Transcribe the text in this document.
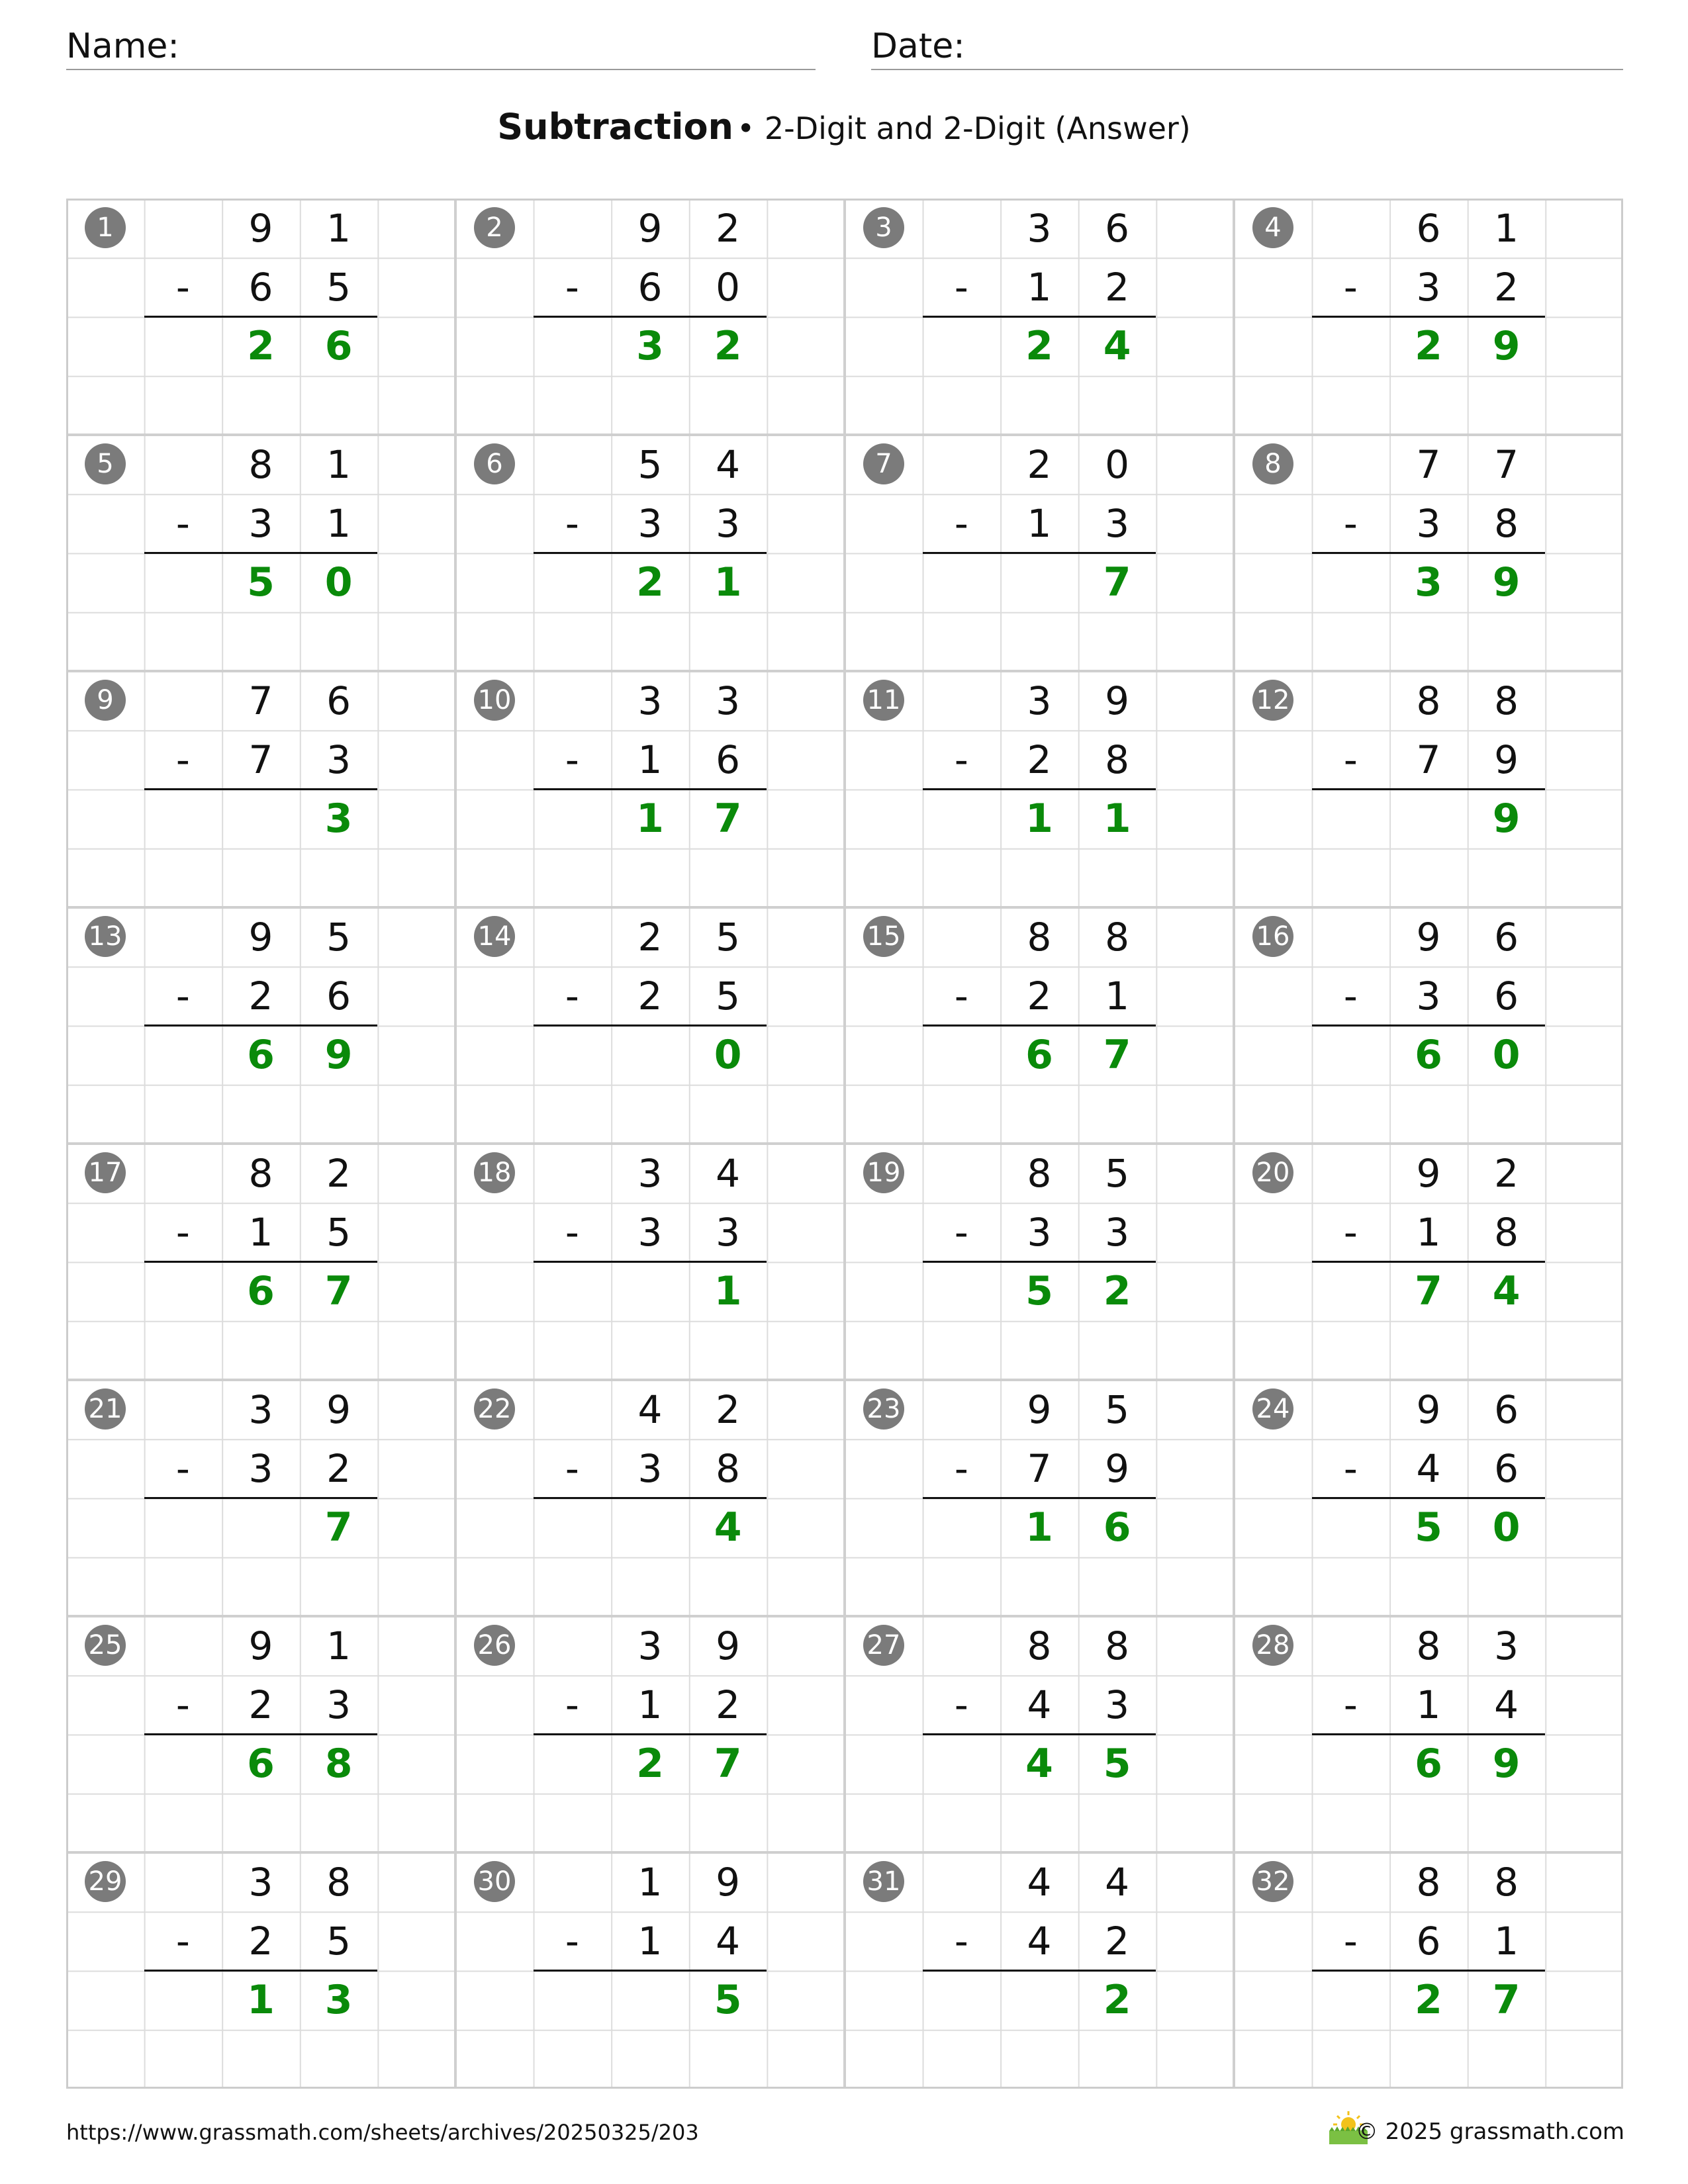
Name:	Date:
Subtraction • 2-Digit and 2-Digit (Answer)
1	9	1
-	6	5
2	6
2	9	2
-	6	0
3	2
3	3	6
-	1	2
2	4
4	6	1
-	3	2
2	9
5	8	1
-	3	1
5	0
6	5	4
-	3	3
2	1
7	2	0
-	1	3
7
8	7	7
-	3	8
3	9
9	7	6
-	7	3
3
10	3	3
-	1	6
1	7
11	3	9
-	2	8
1	1
12	8	8
-	7	9
9
13	9	5
-	2	6
6	9
14	2	5
-	2	5
0
15	8	8
-	2	1
6	7
16	9	6
-	3	6
6	0
17	8	2
-	1	5
6	7
18	3	4
-	3	3
1
19	8	5
-	3	3
5	2
20	9	2
-	1	8
7	4
21	3	9
-	3	2
7
22	4	2
-	3	8
4
23	9	5
-	7	9
1	6
24	9	6
-	4	6
5	0
25	9	1
-	2	3
6	8
26	3	9
-	1	2
2	7
27	8	8
-	4	3
4	5
28	8	3
-	1	4
6	9
29	3	8
-	2	5
1	3
30	1	9
-	1	4
5
31	4	4
-	4	2
2
32	8	8
-	6	1
2	7
https://www.grassmath.com/sheets/archives/20250325/203	© 2025 grassmath.com
